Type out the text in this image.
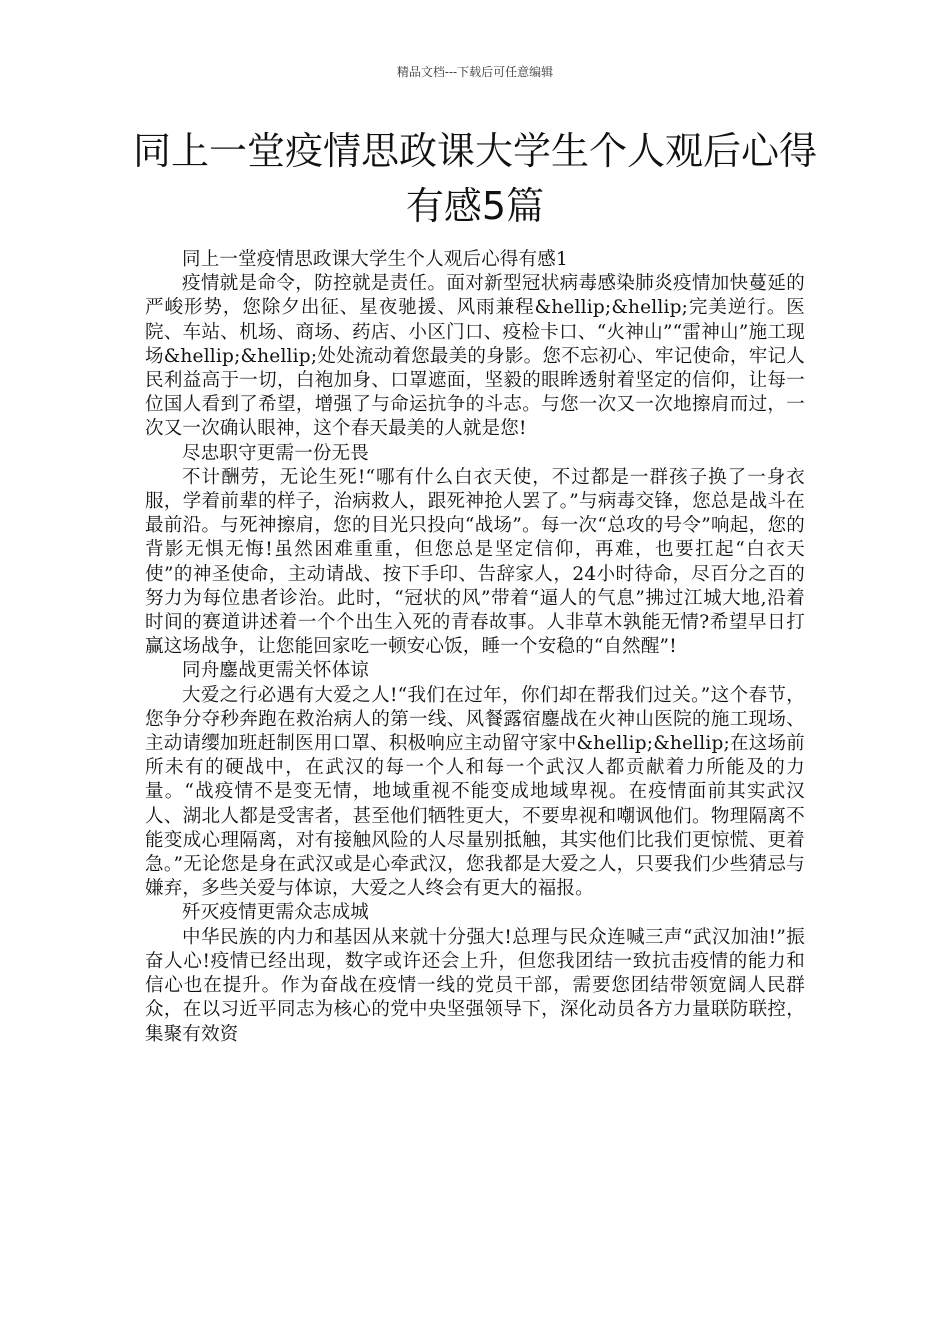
精品文档---下载后可任意编辑
同上一堂疫情思政课大学生个人观后心得有感5篇

同上一堂疫情思政课大学生个人观后心得有感1

疫情就是命令，防控就是责任。面对新型冠状病毒感染肺炎疫情加快蔓延的严峻形势，您除夕出征、星夜驰援、风雨兼程&hellip;&hellip;完美逆行。医院、车站、机场、商场、药店、小区门口、疫检卡口、“火神山”“雷神山”施工现场&hellip;&hellip;处处流动着您最美的身影。您不忘初心、牢记使命，牢记人民利益高于一切，白袍加身、口罩遮面，坚毅的眼眸透射着坚定的信仰，让每一位国人看到了希望，增强了与命运抗争的斗志。与您一次又一次地擦肩而过，一次又一次确认眼神，这个春天最美的人就是您!

尽忠职守更需一份无畏

不计酬劳，无论生死!“哪有什么白衣天使，不过都是一群孩子换了一身衣服，学着前辈的样子，治病救人，跟死神抢人罢了。”与病毒交锋，您总是战斗在最前沿。与死神擦肩，您的目光只投向“战场”。每一次“总攻的号令”响起，您的背影无惧无悔!虽然困难重重，但您总是坚定信仰，再难，也要扛起“白衣天使”的神圣使命，主动请战、按下手印、告辞家人，24小时待命，尽百分之百的努力为每位患者诊治。此时，“冠状的风”带着“逼人的气息”拂过江城大地,沿着时间的赛道讲述着一个个出生入死的青春故事。人非草木孰能无情?希望早日打赢这场战争，让您能回家吃一顿安心饭，睡一个安稳的“自然醒”!

同舟鏖战更需关怀体谅

大爱之行必遇有大爱之人!“我们在过年，你们却在帮我们过关。”这个春节，您争分夺秒奔跑在救治病人的第一线、风餐露宿鏖战在火神山医院的施工现场、主动请缨加班赶制医用口罩、积极响应主动留守家中&hellip;&hellip;在这场前所未有的硬战中，在武汉的每一个人和每一个武汉人都贡献着力所能及的力量。“战疫情不是变无情，地域重视不能变成地域卑视。在疫情面前其实武汉人、湖北人都是受害者，甚至他们牺牲更大，不要卑视和嘲讽他们。物理隔离不能变成心理隔离，对有接触风险的人尽量别抵触，其实他们比我们更惊慌、更着急。”无论您是身在武汉或是心牵武汉，您我都是大爱之人，只要我们少些猜忌与嫌弃，多些关爱与体谅，大爱之人终会有更大的福报。

歼灭疫情更需众志成城

中华民族的内力和基因从来就十分强大!总理与民众连喊三声“武汉加油!”振奋人心!疫情已经出现，数字或许还会上升，但您我团结一致抗击疫情的能力和信心也在提升。作为奋战在疫情一线的党员干部，需要您团结带领宽阔人民群众，在以习近平同志为核心的党中央坚强领导下，深化动员各方力量联防联控，集聚有效资
